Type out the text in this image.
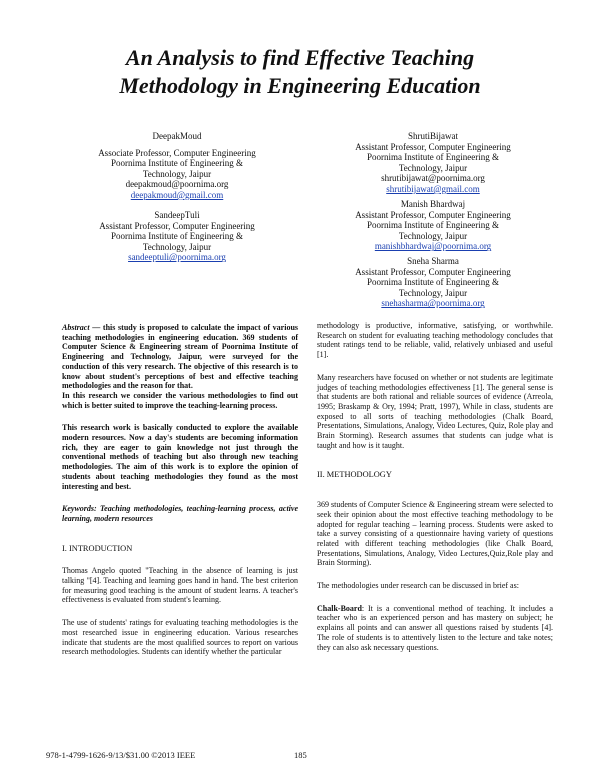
An Analysis to find Effective Teaching
Methodology in Engineering Education
DeepakMoud
Associate Professor, Computer Engineering
Poornima Institute of Engineering &
Technology, Jaipur
deepakmoud@poornima.org
deepakmoud@gmail.com
SandeepTuli
Assistant Professor, Computer Engineering
Poornima Institute of Engineering &
Technology, Jaipur
sandeeptuli@poornima.org
ShrutiBijawat
Assistant Professor, Computer Engineering
Poornima Institute of Engineering &
Technology, Jaipur
shrutibijawat@poornima.org
shrutibijawat@gmail.com
Manish Bhardwaj
Assistant Professor, Computer Engineering
Poornima Institute of Engineering &
Technology, Jaipur
manishbhardwaj@poornima.org
Sneha Sharma
Assistant Professor, Computer Engineering
Poornima Institute of Engineering &
Technology, Jaipur
snehasharma@poornima.org

Abstract — this study is proposed to calculate the impact of various teaching methodologies in engineering education. 369 students of Computer Science & Engineering stream of Poornima Institute of Engineering and Technology, Jaipur, were surveyed for the conduction of this very research. The objective of this research is to know about student's perceptions of best and effective teaching methodologies and the reason for that.

In this research we consider the various methodologies to find out which is better suited to improve the teaching-learning process.

This research work is basically conducted to explore the available modern resources. Now a day's students are becoming information rich, they are eager to gain knowledge not just through the conventional methods of teaching but also through new teaching methodologies. The aim of this work is to explore the opinion of students about teaching methodologies they found as the most interesting and best.

Keywords: Teaching methodologies, teaching-learning process, active learning, modern resources

I. INTRODUCTION

Thomas Angelo quoted "Teaching in the absence of learning is just talking "[4]. Teaching and learning goes hand in hand. The best criterion for measuring good teaching is the amount of student learns. A teacher's effectiveness is evaluated from student's learning.

The use of students' ratings for evaluating teaching methodologies is the most researched issue in engineering education. Various researches indicate that students are the most qualified sources to report on various research methodologies. Students can identify whether the particular

methodology is productive, informative, satisfying, or worthwhile. Research on student for evaluating teaching methodology concludes that student ratings tend to be reliable, valid, relatively unbiased and useful [1].

Many researchers have focused on whether or not students are legitimate judges of teaching methodologies effectiveness [1]. The general sense is that students are both rational and reliable sources of evidence (Arreola, 1995; Braskamp & Ory, 1994; Pratt, 1997), While in class, students are exposed to all sorts of teaching methodologies (Chalk Board, Presentations, Simulations, Analogy, Video Lectures, Quiz, Role play and Brain Storming). Research assumes that students can judge what is taught and how is it taught.

II. METHODOLOGY

369 students of Computer Science & Engineering stream were selected to seek their opinion about the most effective teaching methodology to be adopted for regular teaching – learning process. Students were asked to take a survey consisting of a questionnaire having variety of questions related with different teaching methodologies (like Chalk Board, Presentations, Simulations, Analogy, Video Lectures,Quiz,Role play and Brain Storming).

The methodologies under research can be discussed in brief as:

Chalk-Board: It is a conventional method of teaching. It includes a teacher who is an experienced person and has mastery on subject; he explains all points and can answer all questions raised by students [4]. The role of students is to attentively listen to the lecture and take notes; they can also ask necessary questions.

978-1-4799-1626-9/13/$31.00 ©2013 IEEE	185
